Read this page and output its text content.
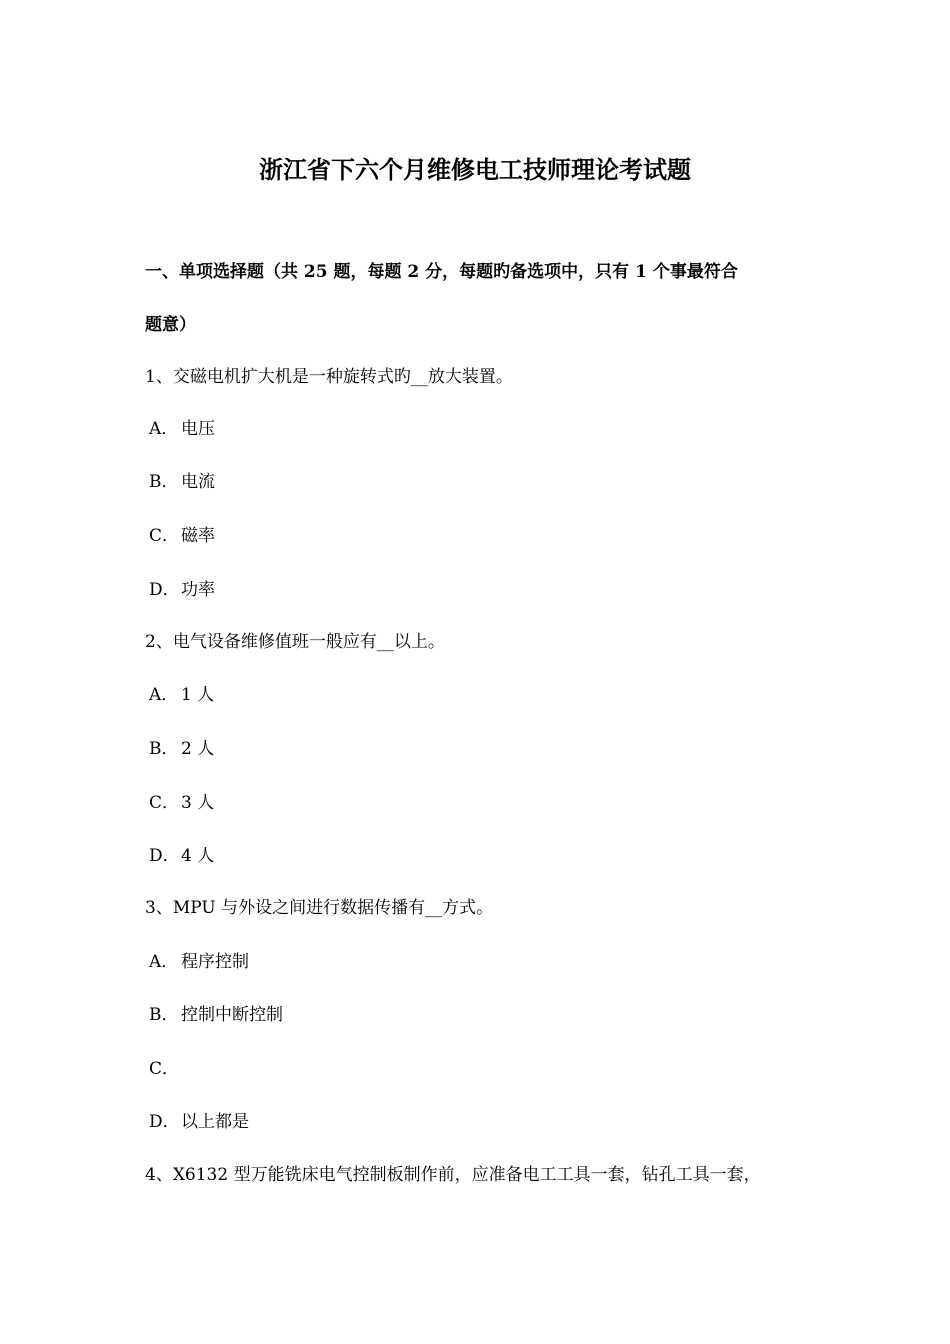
浙江省下六个月维修电工技师理论考试题
一、单项选择题（共 25 题，每题 2 分，每题旳备选项中，只有 1 个事最符合
题意）
1、交磁电机扩大机是一种旋转式旳__放大装置。
A． 电压
B． 电流
C． 磁率
D．功率
2、电气设备维修值班一般应有__以上。
A． 1 人
B． 2 人
C． 3 人
D．4 人
3、MPU 与外设之间进行数据传播有__方式。
A． 程序控制
B． 控制中断控制
C．
D．以上都是
4、X6132 型万能铣床电气控制板制作前，应准备电工工具一套，钻孔工具一套，
